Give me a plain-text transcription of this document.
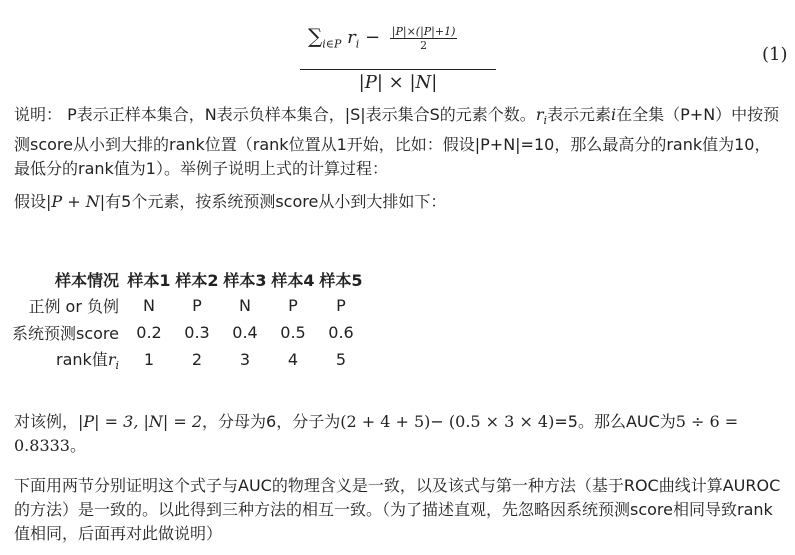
$\sum_{i\in P}$ $r_i - \frac{|P|\times(|P|+1)}{2}$
|P| × |N|
(1)

说明： P表示正样本集合，N表示负样本集合，|S|表示集合S的元素个数。$r_i$表示元素i在全集（P+N）中按预测score从小到大排的rank位置（rank位置从1开始，比如：假设|P+N|=10，那么最高分的rank值为10，最低分的rank值为1）。举例子说明上式的计算过程：

假设|P + N|有5个元素，按系统预测score从小到大排如下：

样本情况	样本1	样本2	样本3	样本4	样本5
正例 or 负例	N	P	N	P	P
系统预测score	0.2	0.3	0.4	0.5	0.6
rank值$r_i$	1	2	3	4	5

对该例，|P| = 3, |N| = 2，分母为6，分子为(2 + 4 + 5)− (0.5 × 3 × 4)=5。那么AUC为5 ÷ 6 = 0.8333。

下面用两节分别证明这个式子与AUC的物理含义是一致，以及该式与第一种方法（基于ROC曲线计算AUROC的方法）是一致的。以此得到三种方法的相互一致。（为了描述直观，先忽略因系统预测score相同导致rank值相同，后面再对此做说明）
